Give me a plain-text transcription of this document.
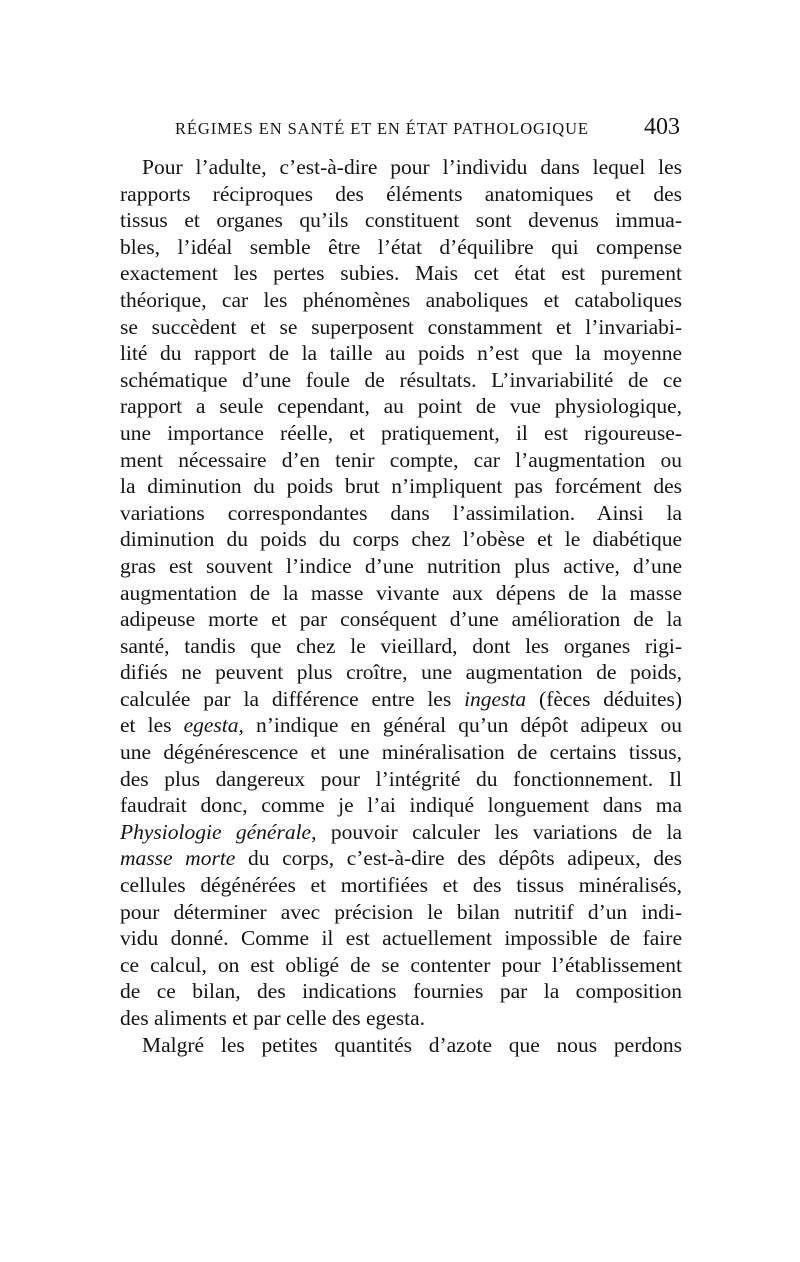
RÉGIMES EN SANTÉ ET EN ÉTAT PATHOLOGIQUE 403
Pour l’adulte, c’est-à-dire pour l’individu dans lequel les
rapports réciproques des éléments anatomiques et des
tissus et organes qu’ils constituent sont devenus immua-
bles, l’idéal semble être l’état d’équilibre qui compense
exactement les pertes subies. Mais cet état est purement
théorique, car les phénomènes anaboliques et cataboliques
se succèdent et se superposent constamment et l’invariabi-
lité du rapport de la taille au poids n’est que la moyenne
schématique d’une foule de résultats. L’invariabilité de ce
rapport a seule cependant, au point de vue physiologique,
une importance réelle, et pratiquement, il est rigoureuse-
ment nécessaire d’en tenir compte, car l’augmentation ou
la diminution du poids brut n’impliquent pas forcément des
variations correspondantes dans l’assimilation. Ainsi la
diminution du poids du corps chez l’obèse et le diabétique
gras est souvent l’indice d’une nutrition plus active, d’une
augmentation de la masse vivante aux dépens de la masse
adipeuse morte et par conséquent d’une amélioration de la
santé, tandis que chez le vieillard, dont les organes rigi-
difiés ne peuvent plus croître, une augmentation de poids,
calculée par la différence entre les ingesta (fèces déduites)
et les egesta, n’indique en général qu’un dépôt adipeux ou
une dégénérescence et une minéralisation de certains tissus,
des plus dangereux pour l’intégrité du fonctionnement. Il
faudrait donc, comme je l’ai indiqué longuement dans ma
Physiologie générale, pouvoir calculer les variations de la
masse morte du corps, c’est-à-dire des dépôts adipeux, des
cellules dégénérées et mortifiées et des tissus minéralisés,
pour déterminer avec précision le bilan nutritif d’un indi-
vidu donné. Comme il est actuellement impossible de faire
ce calcul, on est obligé de se contenter pour l’établissement
de ce bilan, des indications fournies par la composition
des aliments et par celle des egesta.
Malgré les petites quantités d’azote que nous perdons
